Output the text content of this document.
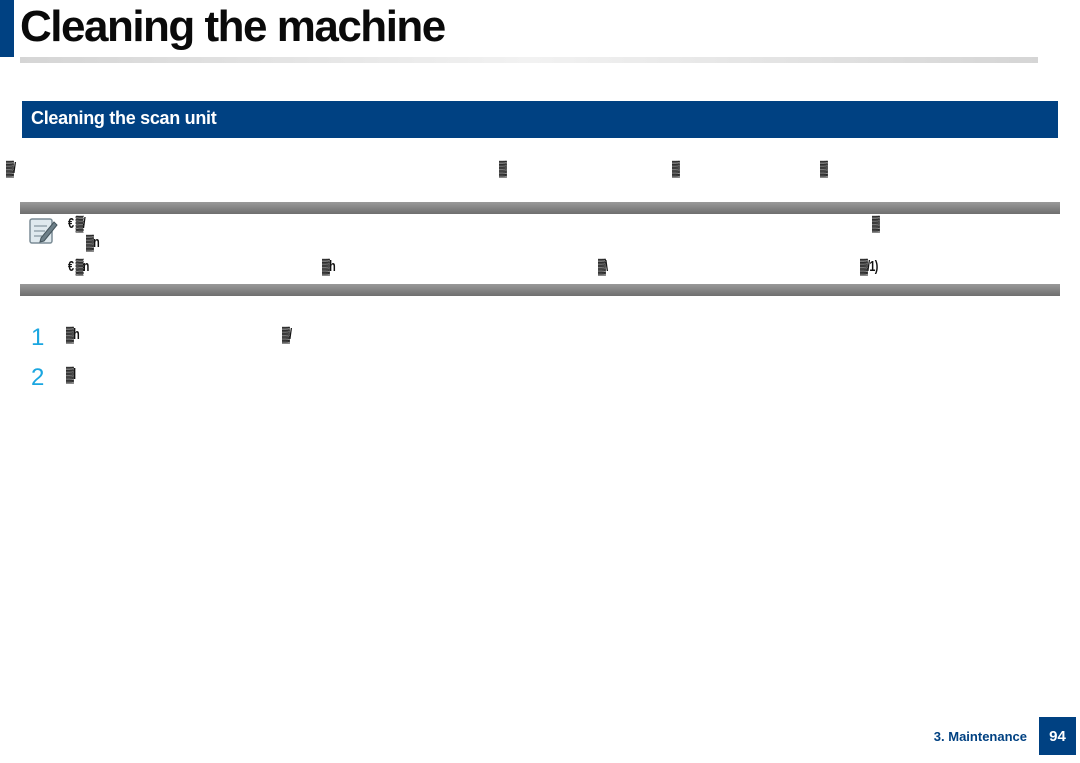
Cleaning the machine
Cleaning the scan unit
▓/	▓	▓	▓
€ ▓/	▓
▓n
€ ▓n	▓h	▓\	▓/1)
1 ▓h	▓/
2 ▓l
3. Maintenance	94
